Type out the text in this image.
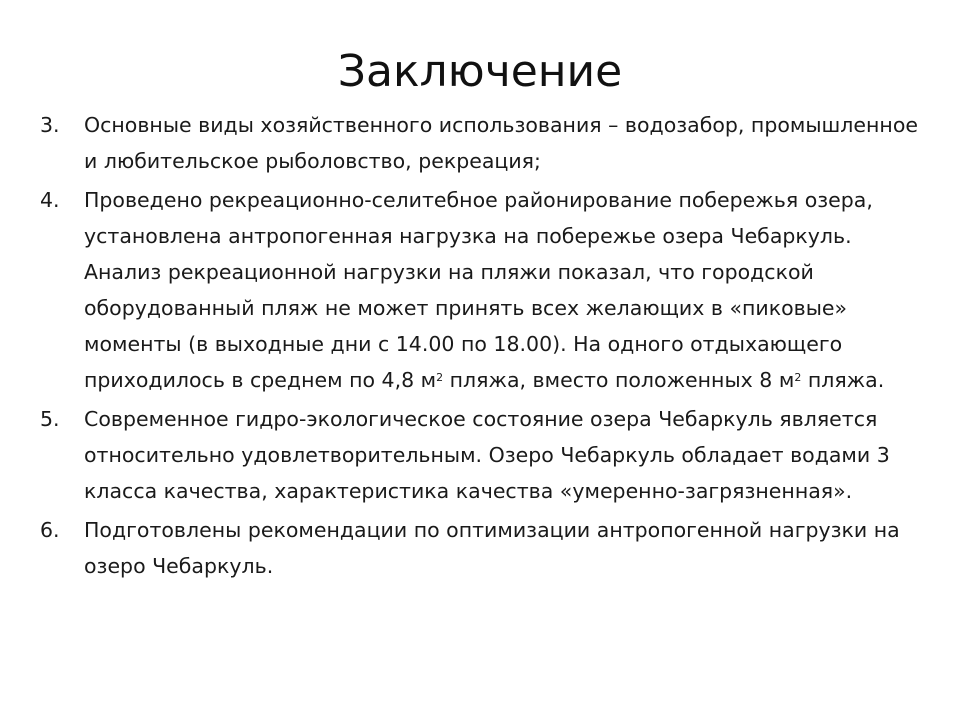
Заключение
3.	Основные виды хозяйственного использования – водозабор, промышленное и любительское рыболовство, рекреация;
4.	Проведено рекреационно-селитебное районирование побережья озера, установлена антропогенная нагрузка на побережье озера Чебаркуль. Анализ рекреационной нагрузки на пляжи показал, что городской оборудованный пляж не может принять всех желающих в «пиковые» моменты (в выходные дни с 14.00 по 18.00). На одного отдыхающего приходилось в среднем по 4,8 $м^2$ пляжа, вместо положенных 8 $м^2$ пляжа.
5.	Современное гидро-экологическое состояние озера Чебаркуль является относительно удовлетворительным. Озеро Чебаркуль обладает водами 3 класса качества, характеристика качества «умеренно-загрязненная».
6.	Подготовлены рекомендации по оптимизации антропогенной нагрузки на озеро Чебаркуль.
